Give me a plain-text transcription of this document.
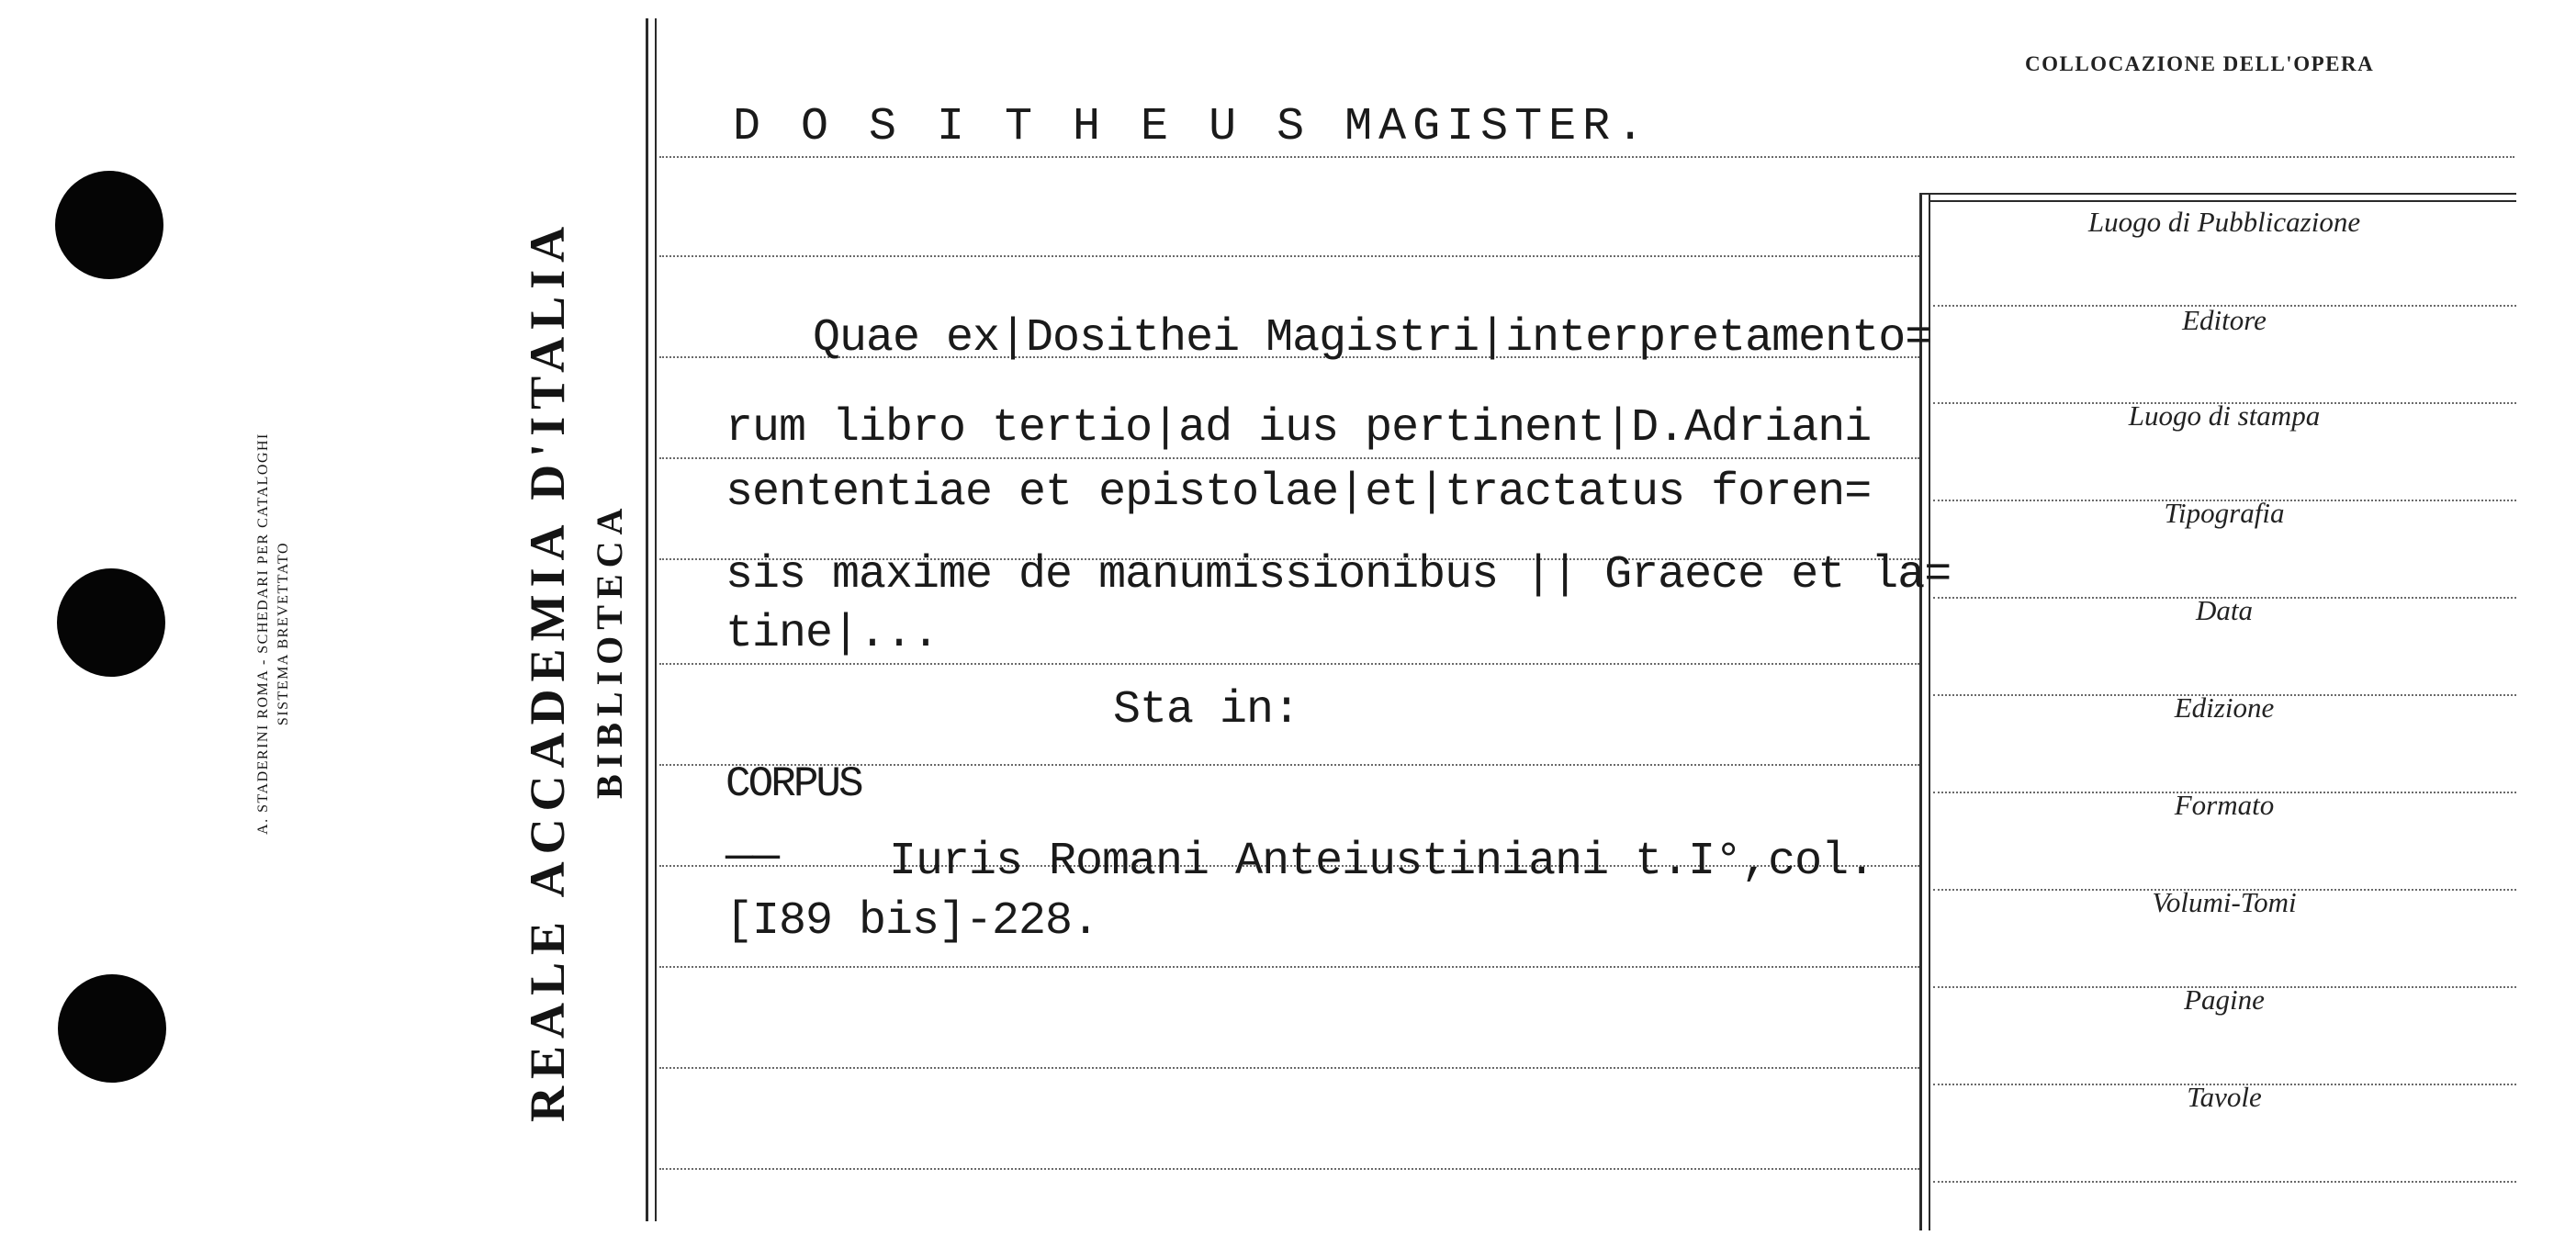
A. STADERINI ROMA - SCHEDARI PER CATALOGHI SISTEMA BREVETTATO	REALE ACCADEMIA D'ITALIA BIBLIOTECA
COLLOCAZIONE DELL'OPERA
Luogo di Pubblicazione
Editore
Luogo di stampa
Tipografia
Data
Edizione
Formato
Volumi-Tomi
Pagine
Tavole
D O S I T H E U S MAGISTER.
Quae ex|Dosithei Magistri|interpretamento=
rum libro tertio|ad ius pertinent|D.Adriani
sententiae et epistolae|et|tractatus foren=
sis maxime de manumissionibus || Graece et la=
tine|...
Sta in:
CORPUS
—— Iuris Romani Anteiustiniani t.I°,col.
[I89 bis]-228.
